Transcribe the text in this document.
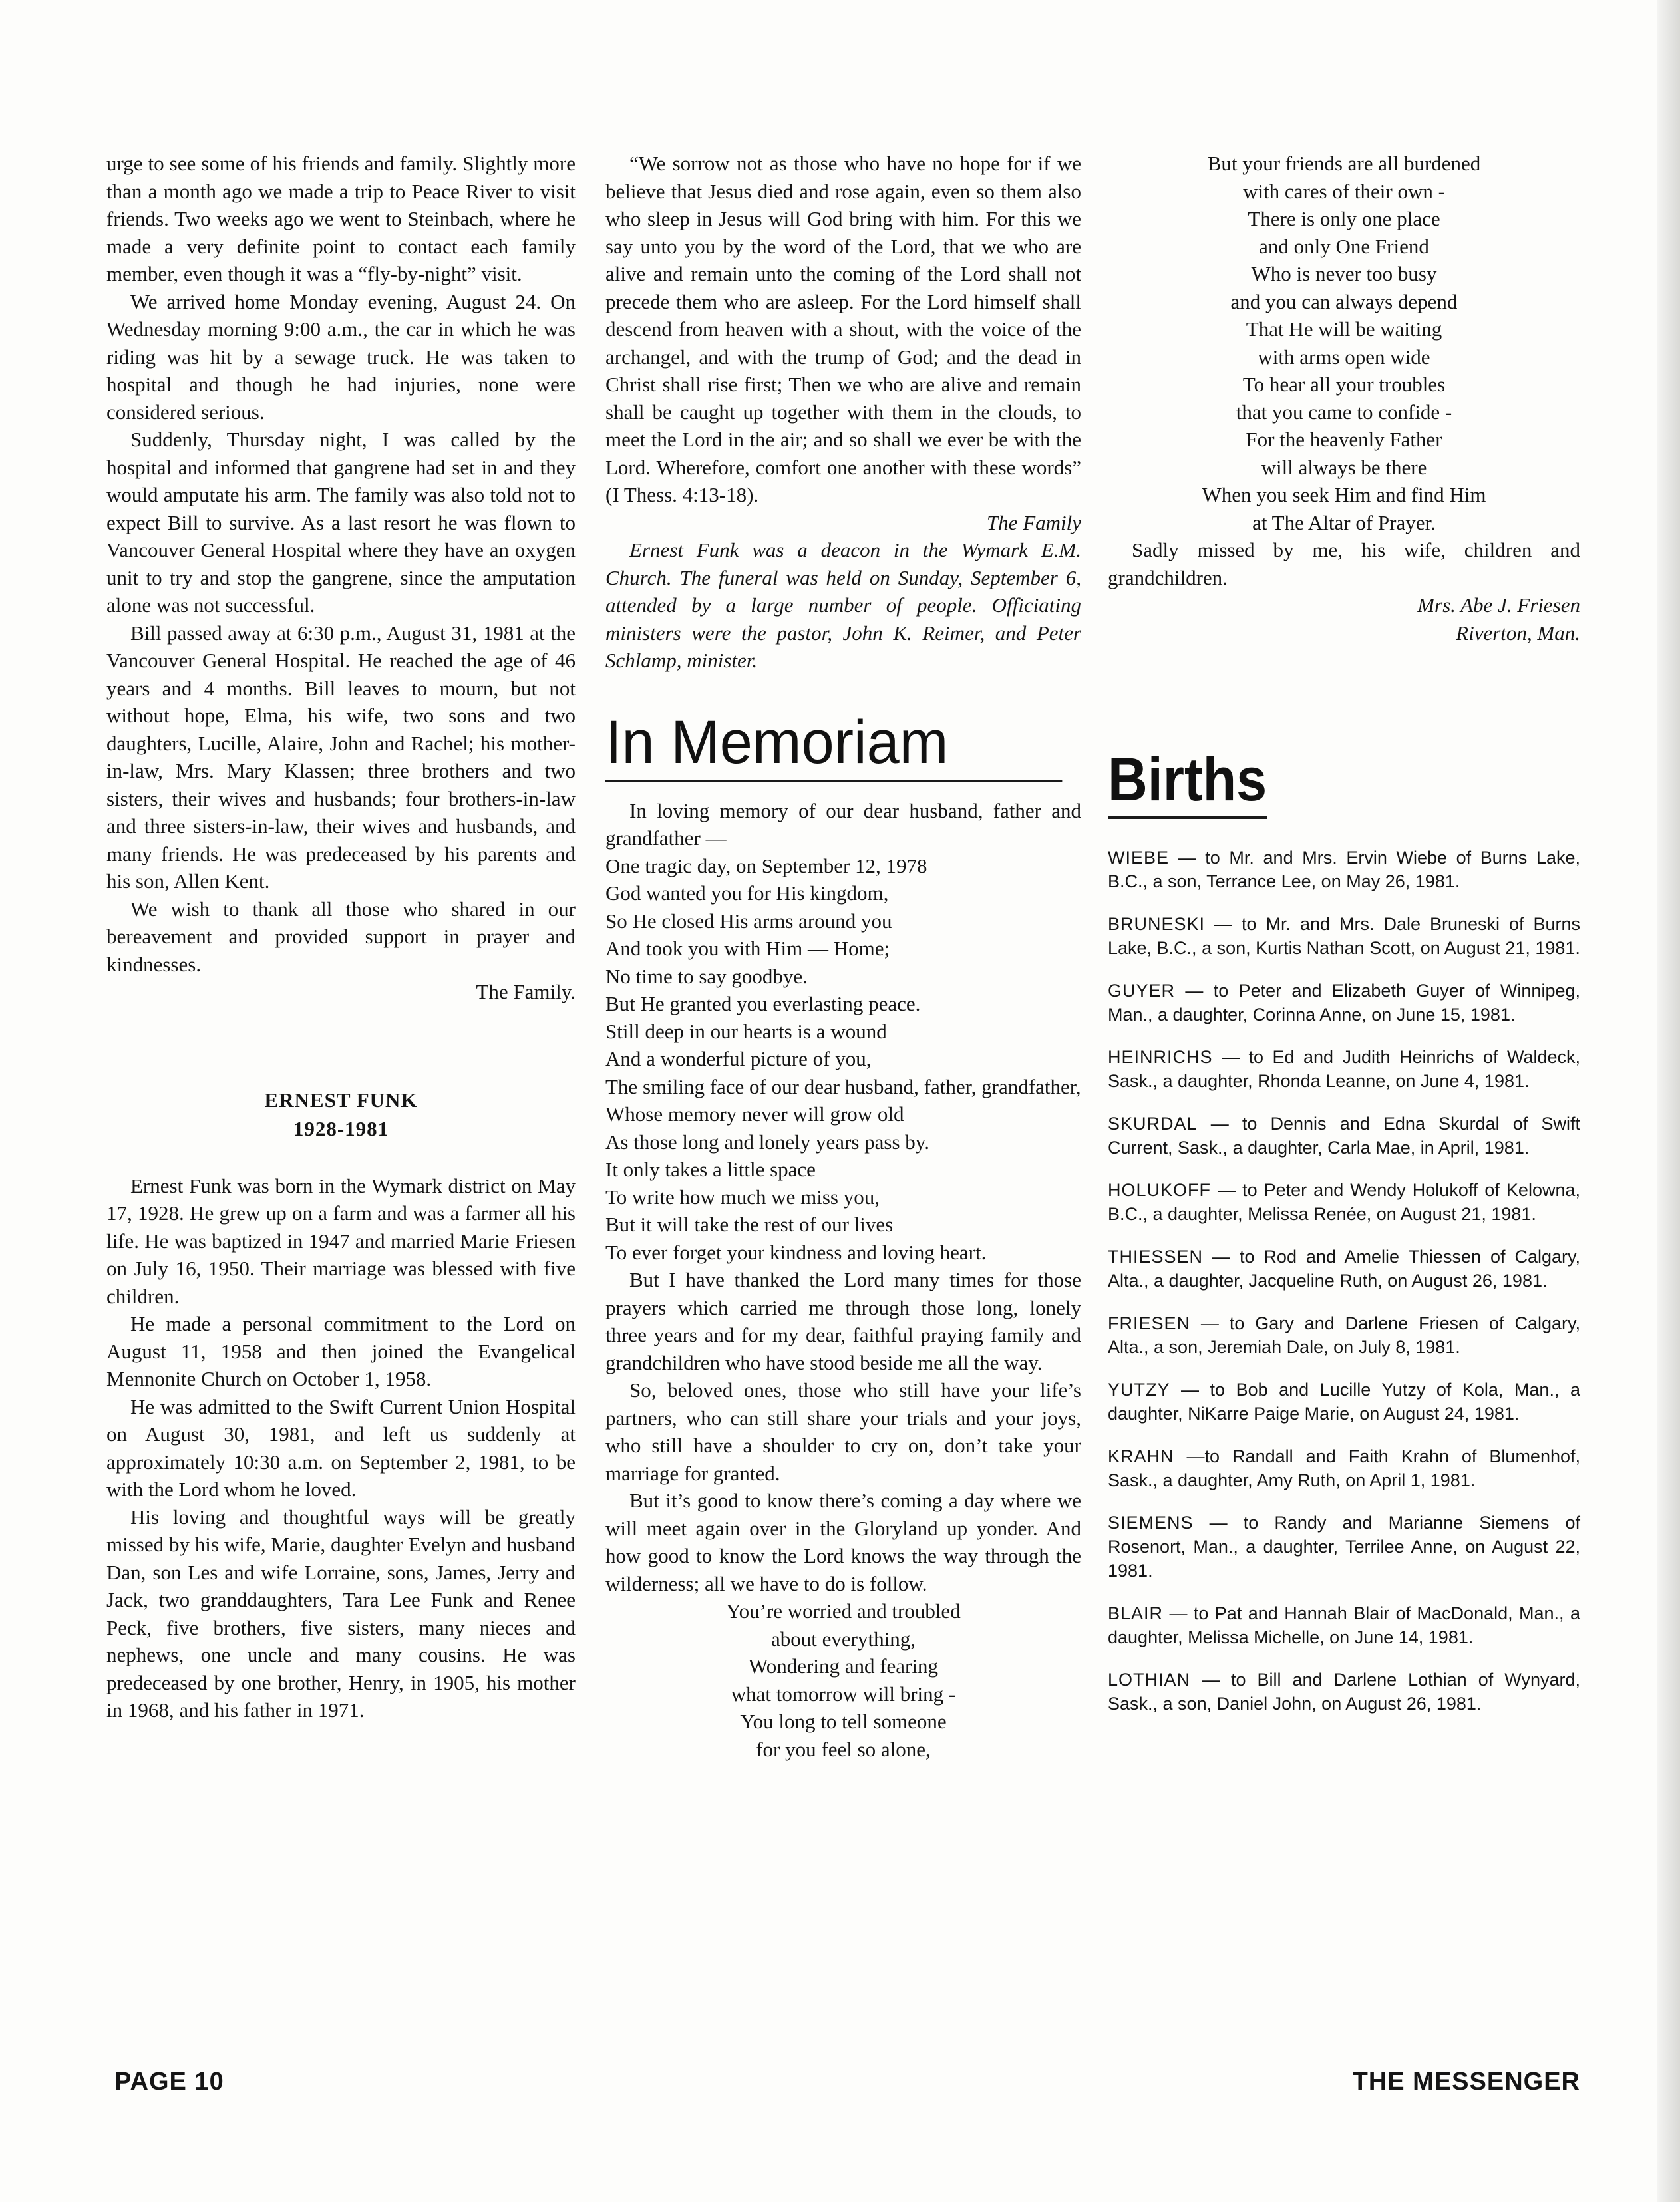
urge to see some of his friends and family. Slightly more than a month ago we made a trip to Peace River to visit friends. Two weeks ago we went to Steinbach, where he made a very definite point to contact each family member, even though it was a “fly-by-night” visit.

We arrived home Monday evening, August 24. On Wednesday morning 9:00 a.m., the car in which he was riding was hit by a sewage truck. He was taken to hospital and though he had injuries, none were considered serious.

Suddenly, Thursday night, I was called by the hospital and informed that gangrene had set in and they would amputate his arm. The family was also told not to expect Bill to survive. As a last resort he was flown to Vancouver General Hospital where they have an oxygen unit to try and stop the gangrene, since the amputation alone was not successful.

Bill passed away at 6:30 p.m., August 31, 1981 at the Vancouver General Hospital. He reached the age of 46 years and 4 months. Bill leaves to mourn, but not without hope, Elma, his wife, two sons and two daughters, Lucille, Alaire, John and Rachel; his mother-in-law, Mrs. Mary Klassen; three brothers and two sisters, their wives and husbands; four brothers-in-law and three sisters-in-law, their wives and husbands, and many friends. He was predeceased by his parents and his son, Allen Kent.

We wish to thank all those who shared in our bereavement and provided support in prayer and kindnesses.

The Family.

ERNEST FUNK
1928-1981

Ernest Funk was born in the Wymark district on May 17, 1928. He grew up on a farm and was a farmer all his life. He was baptized in 1947 and married Marie Friesen on July 16, 1950. Their marriage was blessed with five children.

He made a personal commitment to the Lord on August 11, 1958 and then joined the Evangelical Mennonite Church on October 1, 1958.

He was admitted to the Swift Current Union Hospital on August 30, 1981, and left us suddenly at approximately 10:30 a.m. on September 2, 1981, to be with the Lord whom he loved.

His loving and thoughtful ways will be greatly missed by his wife, Marie, daughter Evelyn and husband Dan, son Les and wife Lorraine, sons, James, Jerry and Jack, two granddaughters, Tara Lee Funk and Renee Peck, five brothers, five sisters, many nieces and nephews, one uncle and many cousins. He was predeceased by one brother, Henry, in 1905, his mother in 1968, and his father in 1971.

“We sorrow not as those who have no hope for if we believe that Jesus died and rose again, even so them also who sleep in Jesus will God bring with him. For this we say unto you by the word of the Lord, that we who are alive and remain unto the coming of the Lord shall not precede them who are asleep. For the Lord himself shall descend from heaven with a shout, with the voice of the archangel, and with the trump of God; and the dead in Christ shall rise first; Then we who are alive and remain shall be caught up together with them in the clouds, to meet the Lord in the air; and so shall we ever be with the Lord. Wherefore, comfort one another with these words” (I Thess. 4:13-18).

The Family

Ernest Funk was a deacon in the Wymark E.M. Church. The funeral was held on Sunday, September 6, attended by a large number of people. Officiating ministers were the pastor, John K. Reimer, and Peter Schlamp, minister.

In Memoriam

In loving memory of our dear husband, father and grandfather —

One tragic day, on September 12, 1978
God wanted you for His kingdom,
So He closed His arms around you
And took you with Him — Home;
No time to say goodbye.
But He granted you everlasting peace.
Still deep in our hearts is a wound
And a wonderful picture of you,

The smiling face of our dear husband, father, grandfather,

Whose memory never will grow old
As those long and lonely years pass by.
It only takes a little space
To write how much we miss you,
But it will take the rest of our lives

To ever forget your kindness and loving heart.

But I have thanked the Lord many times for those prayers which carried me through those long, lonely three years and for my dear, faithful praying family and grandchildren who have stood beside me all the way.

So, beloved ones, those who still have your life’s partners, who can still share your trials and your joys, who still have a shoulder to cry on, don’t take your marriage for granted.

But it’s good to know there’s coming a day where we will meet again over in the Gloryland up yonder. And how good to know the Lord knows the way through the wilderness; all we have to do is follow.

You’re worried and troubled
about everything,
Wondering and fearing
what tomorrow will bring -
You long to tell someone
for you feel so alone,
But your friends are all burdened
with cares of their own -
There is only one place
and only One Friend
Who is never too busy
and you can always depend
That He will be waiting
with arms open wide
To hear all your troubles
that you came to confide -
For the heavenly Father
will always be there
When you seek Him and find Him
at The Altar of Prayer.

Sadly missed by me, his wife, children and grandchildren.

Mrs. Abe J. Friesen

Riverton, Man.

Births

WIEBE — to Mr. and Mrs. Ervin Wiebe of Burns Lake, B.C., a son, Terrance Lee, on May 26, 1981.

BRUNESKI — to Mr. and Mrs. Dale Bruneski of Burns Lake, B.C., a son, Kurtis Nathan Scott, on August 21, 1981.

GUYER — to Peter and Elizabeth Guyer of Winnipeg, Man., a daughter, Corinna Anne, on June 15, 1981.

HEINRICHS — to Ed and Judith Heinrichs of Waldeck, Sask., a daughter, Rhonda Leanne, on June 4, 1981.

SKURDAL — to Dennis and Edna Skurdal of Swift Current, Sask., a daughter, Carla Mae, in April, 1981.

HOLUKOFF — to Peter and Wendy Holukoff of Kelowna, B.C., a daughter, Melissa Renée, on August 21, 1981.

THIESSEN — to Rod and Amelie Thiessen of Calgary, Alta., a daughter, Jacqueline Ruth, on August 26, 1981.

FRIESEN — to Gary and Darlene Friesen of Calgary, Alta., a son, Jeremiah Dale, on July 8, 1981.

YUTZY — to Bob and Lucille Yutzy of Kola, Man., a daughter, NiKarre Paige Marie, on August 24, 1981.

KRAHN —to Randall and Faith Krahn of Blumenhof, Sask., a daughter, Amy Ruth, on April 1, 1981.

SIEMENS — to Randy and Marianne Siemens of Rosenort, Man., a daughter, Terrilee Anne, on August 22, 1981.

BLAIR — to Pat and Hannah Blair of MacDonald, Man., a daughter, Melissa Michelle, on June 14, 1981.

LOTHIAN — to Bill and Darlene Lothian of Wynyard, Sask., a son, Daniel John, on August 26, 1981.

PAGE 10	THE MESSENGER
